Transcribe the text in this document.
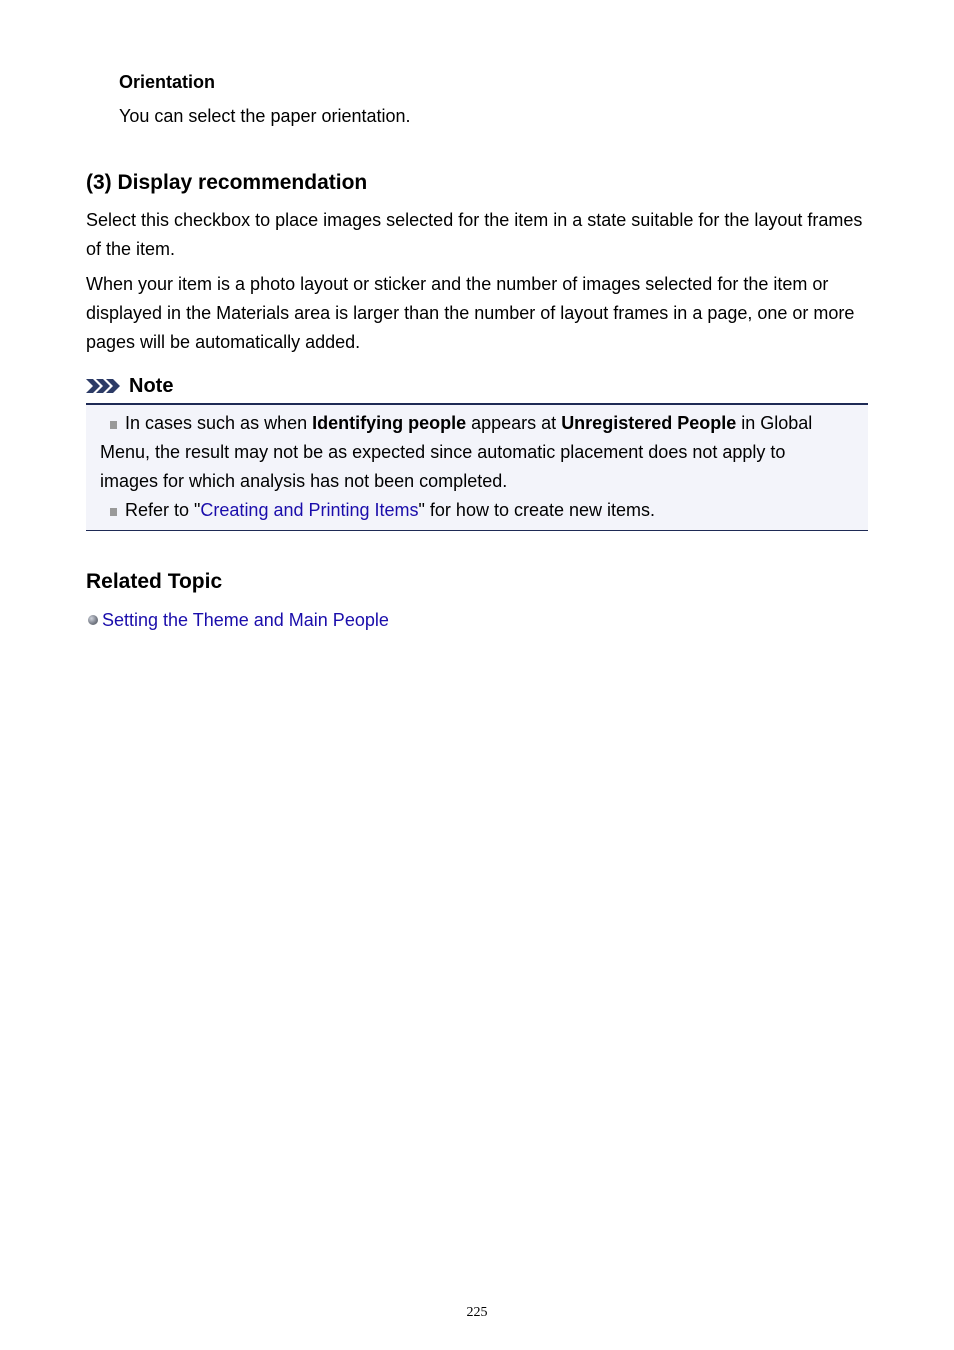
Orientation
You can select the paper orientation.
(3) Display recommendation

Select this checkbox to place images selected for the item in a state suitable for the layout frames of the item.

When your item is a photo layout or sticker and the number of images selected for the item or displayed in the Materials area is larger than the number of layout frames in a page, one or more pages will be automatically added.

Note
In cases such as when Identifying people appears at Unregistered People in Global
Menu, the result may not be as expected since automatic placement does not apply to
images for which analysis has not been completed.
Refer to "Creating and Printing Items" for how to create new items.
Related Topic
Setting the Theme and Main People
225
